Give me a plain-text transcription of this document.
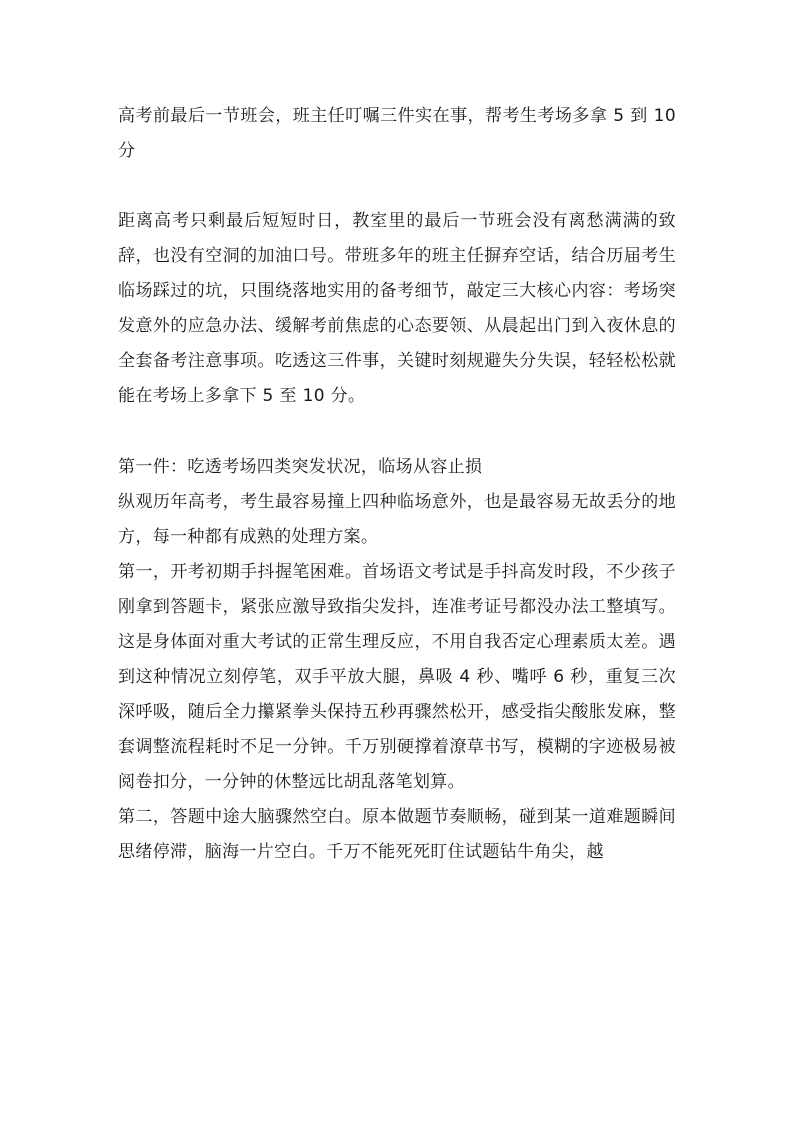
高考前最后一节班会，班主任叮嘱三件实在事，帮考生考场多拿 5 到 10 分

距离高考只剩最后短短时日，教室里的最后一节班会没有离愁满满的致辞，也没有空洞的加油口号。带班多年的班主任摒弃空话，结合历届考生临场踩过的坑，只围绕落地实用的备考细节，敲定三大核心内容：考场突发意外的应急办法、缓解考前焦虑的心态要领、从晨起出门到入夜休息的全套备考注意事项。吃透这三件事，关键时刻规避失分失误，轻轻松松就能在考场上多拿下 5 至 10 分。

第一件：吃透考场四类突发状况，临场从容止损

纵观历年高考，考生最容易撞上四种临场意外，也是最容易无故丢分的地方，每一种都有成熟的处理方案。

第一，开考初期手抖握笔困难。首场语文考试是手抖高发时段，不少孩子刚拿到答题卡，紧张应激导致指尖发抖，连准考证号都没办法工整填写。这是身体面对重大考试的正常生理反应，不用自我否定心理素质太差。遇到这种情况立刻停笔，双手平放大腿，鼻吸 4 秒、嘴呼 6 秒，重复三次深呼吸，随后全力攥紧拳头保持五秒再骤然松开，感受指尖酸胀发麻，整套调整流程耗时不足一分钟。千万别硬撑着潦草书写，模糊的字迹极易被阅卷扣分，一分钟的休整远比胡乱落笔划算。

第二，答题中途大脑骤然空白。原本做题节奏顺畅，碰到某一道难题瞬间思绪停滞，脑海一片空白。千万不能死死盯住试题钻牛角尖，越
